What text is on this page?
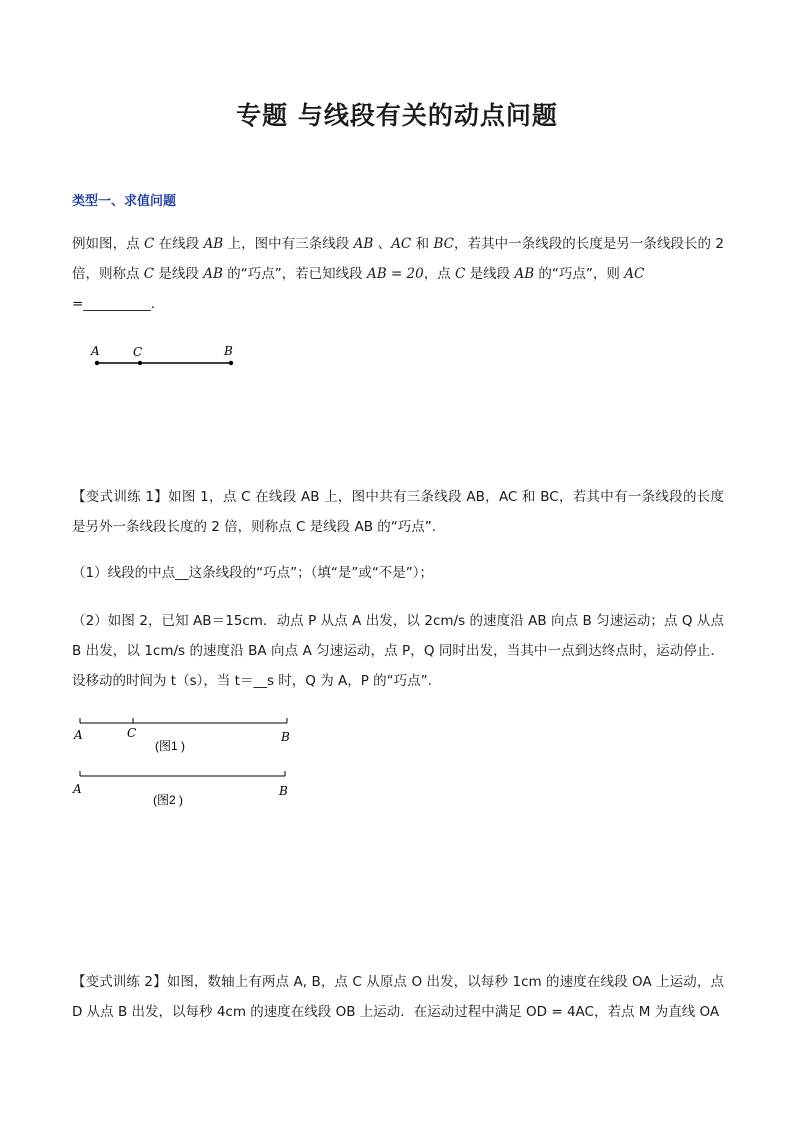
专题 与线段有关的动点问题
类型一、求值问题
例如图，点 C 在线段 AB 上，图中有三条线段 AB 、AC 和 BC，若其中一条线段的长度是另一条线段长的 2 倍，则称点 C 是线段 AB 的“巧点”，若已知线段 AB = 20，点 C 是线段 AB 的“巧点”，则 AC
=__________.
A	C	B
【变式训练 1】如图 1，点 C 在线段 AB 上，图中共有三条线段 AB，AC 和 BC，若其中有一条线段的长度是另外一条线段长度的 2 倍，则称点 C 是线段 AB 的“巧点”.
（1）线段的中点__这条线段的“巧点”；（填“是”或“不是”）；
（2）如图 2，已知 AB＝15cm．动点 P 从点 A 出发，以 2cm/s 的速度沿 AB 向点 B 匀速运动；点 Q 从点 B 出发，以 1cm/s 的速度沿 BA 向点 A 匀速运动，点 P，Q 同时出发，当其中一点到达终点时，运动停止．设移动的时间为 t（s），当 t＝__s 时，Q 为 A，P 的“巧点”.
A	C	B
(图1 )
A	B
(图2 )
【变式训练 2】如图，数轴上有两点 A, B，点 C 从原点 O 出发，以每秒 1cm 的速度在线段 OA 上运动，点 D 从点 B 出发，以每秒 4cm 的速度在线段 OB 上运动．在运动过程中满足 OD = 4AC，若点 M 为直线 OA
